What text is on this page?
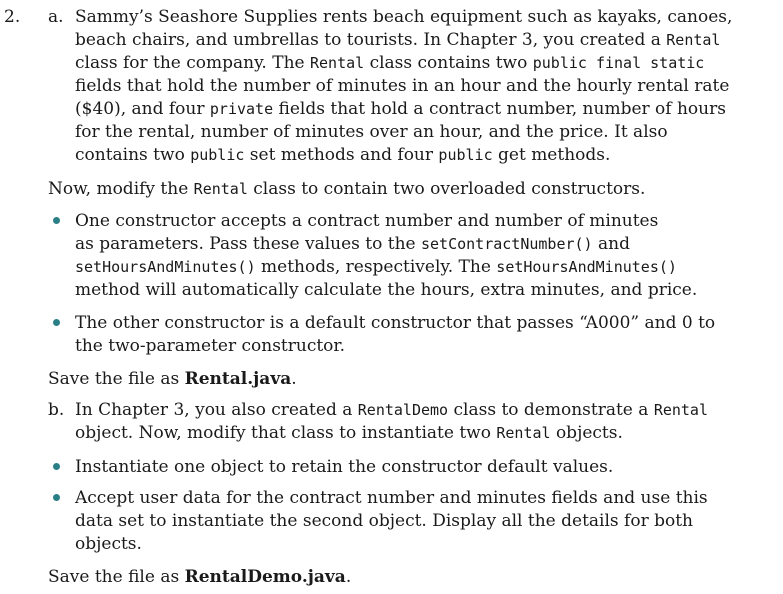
2. a.
b.
Sammy’s Seashore Supplies rents beach equipment such as kayaks, canoes,
beach chairs, and umbrellas to tourists. In Chapter 3, you created a Rental
class for the company. The Rental class contains two public final static
fields that hold the number of minutes in an hour and the hourly rental rate
($40), and four private fields that hold a contract number, number of hours
for the rental, number of minutes over an hour, and the price. It also
contains two public set methods and four public get methods.
Now, modify the Rental class to contain two overloaded constructors.
One constructor accepts a contract number and number of minutes
as parameters. Pass these values to the setContractNumber() and
setHoursAndMinutes() methods, respectively. The setHoursAndMinutes()
method will automatically calculate the hours, extra minutes, and price.
The other constructor is a default constructor that passes “A000” and 0 to
the two-parameter constructor.
Save the file as Rental.java.
In Chapter 3, you also created a RentalDemo class to demonstrate a Rental
object. Now, modify that class to instantiate two Rental objects.
Instantiate one object to retain the constructor default values.
Accept user data for the contract number and minutes fields and use this
data set to instantiate the second object. Display all the details for both
objects.
Save the file as RentalDemo.java.
